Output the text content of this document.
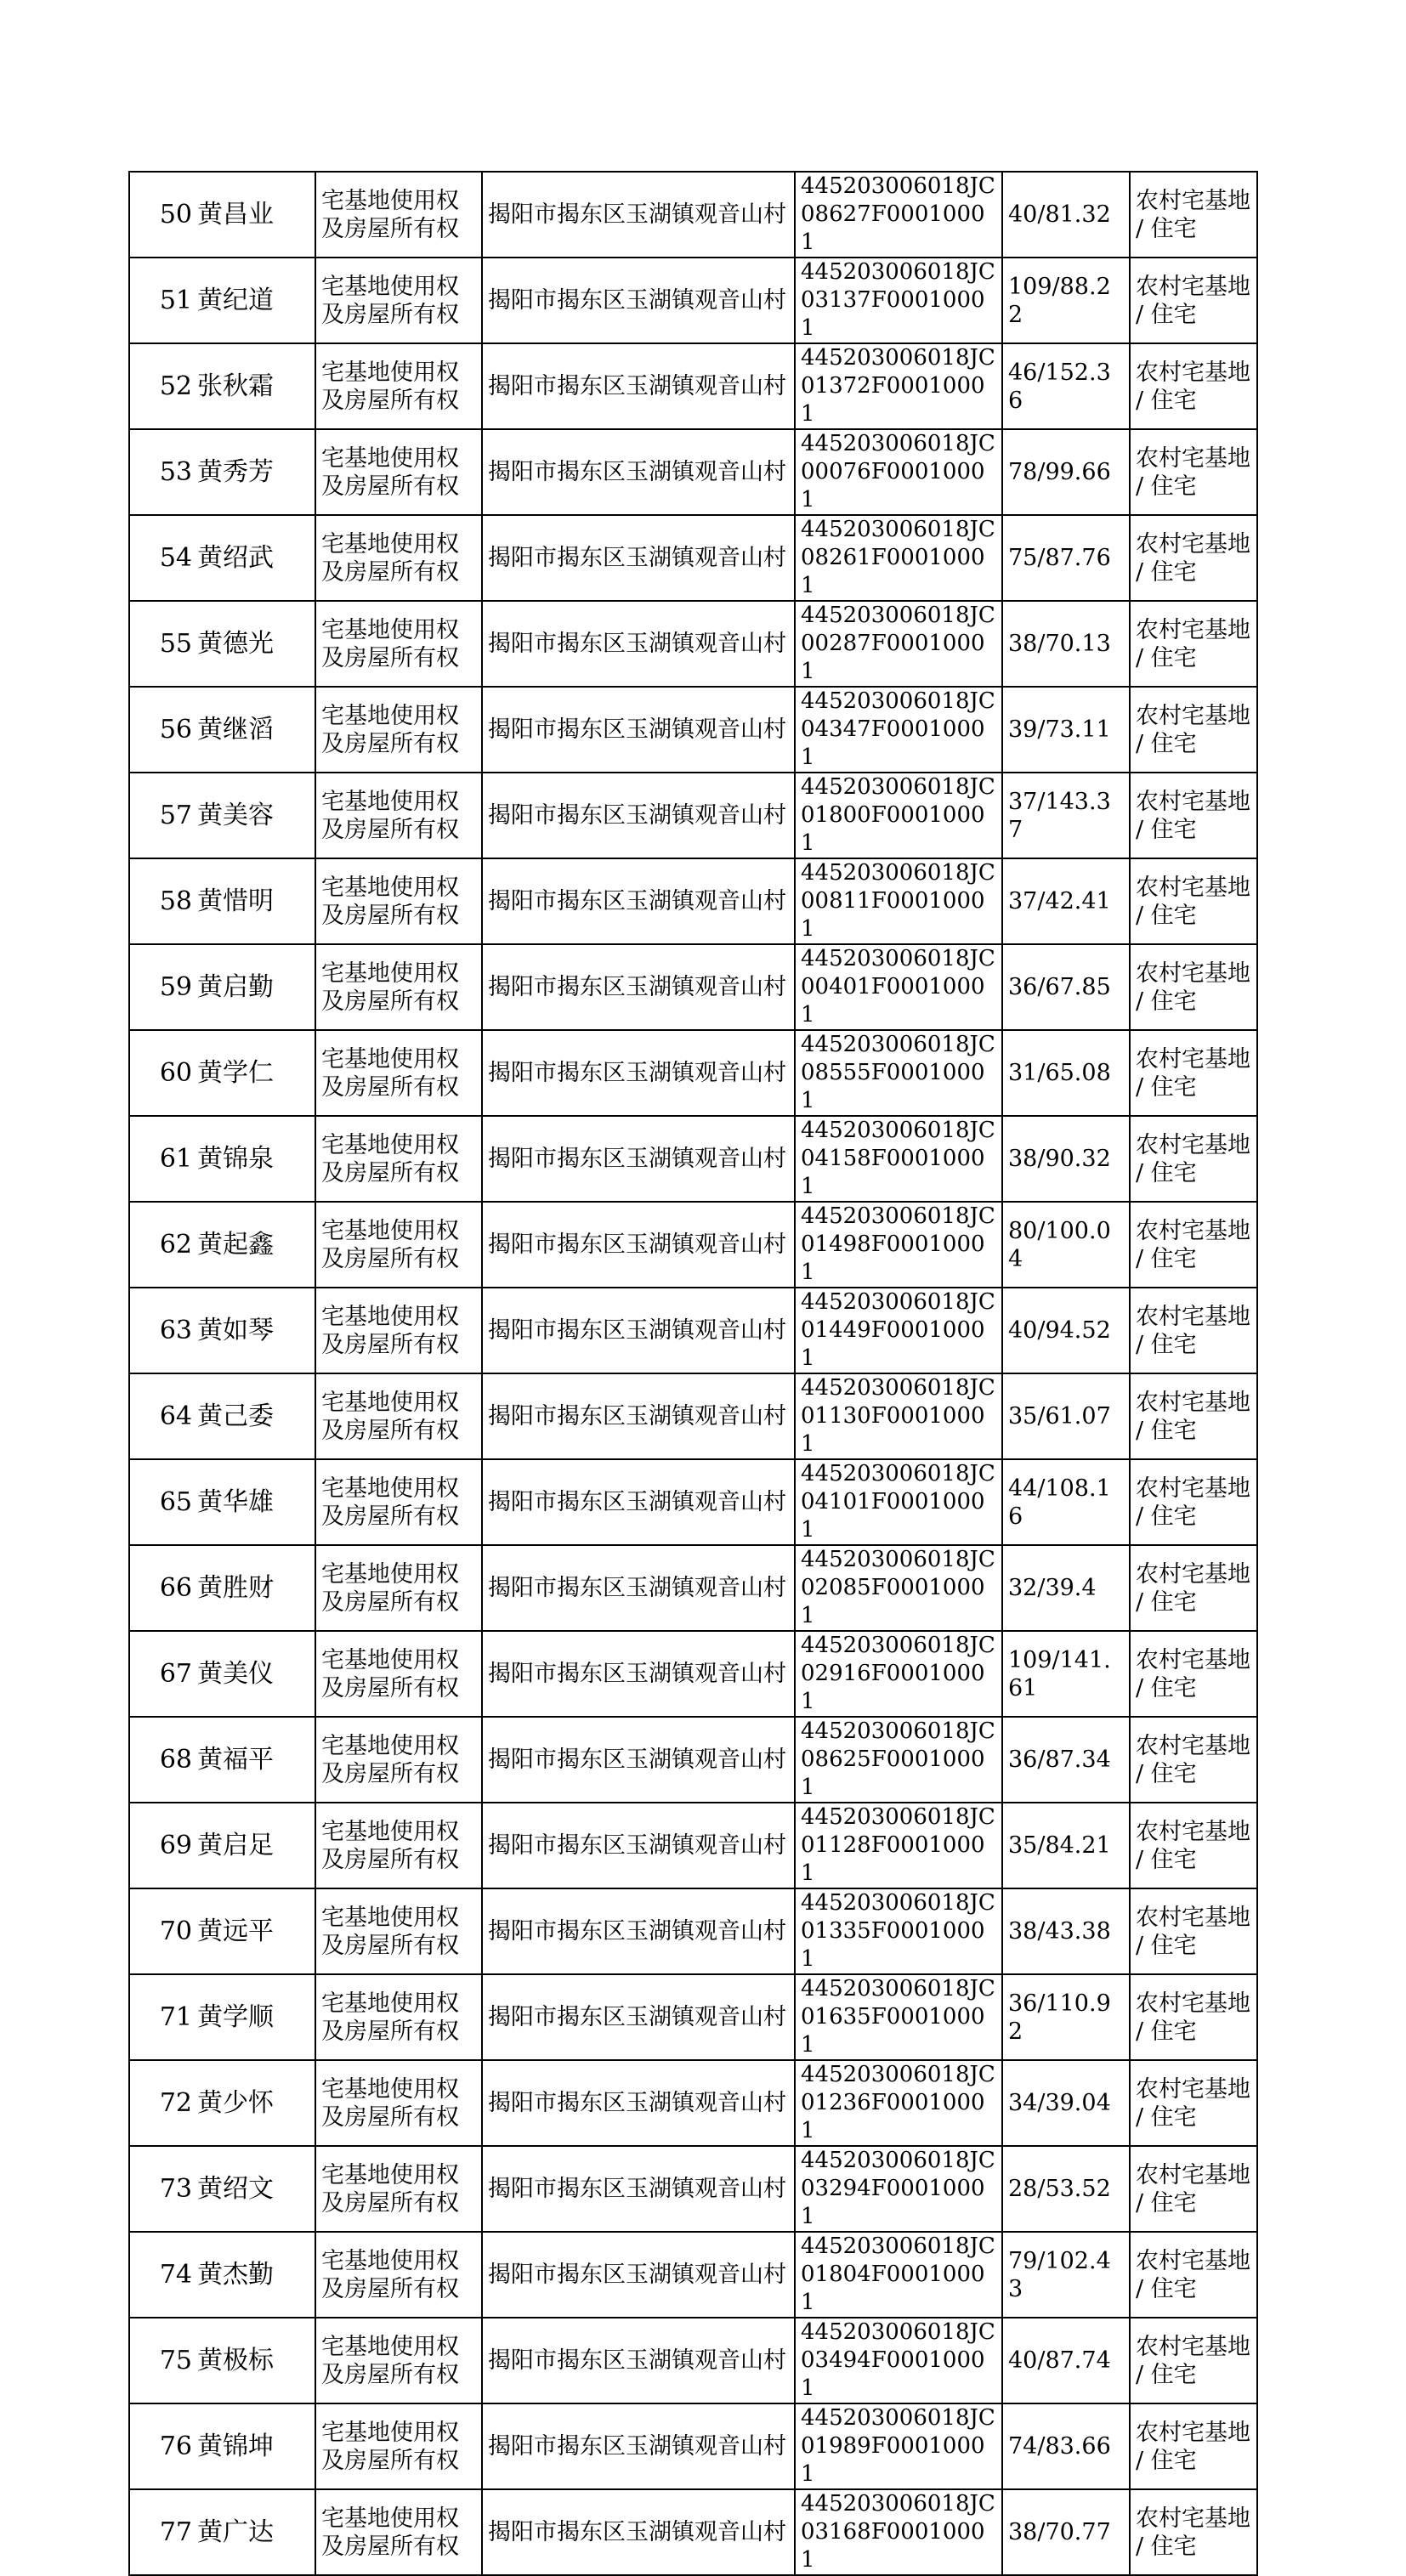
50	黄昌业	宅基地使用权及房屋所有权	揭阳市揭东区玉湖镇观音山村	445203006018JC08627F00010001	40/81.32	农村宅基地 / 住宅
51	黄纪道	宅基地使用权及房屋所有权	揭阳市揭东区玉湖镇观音山村	445203006018JC03137F00010001	109/88.22	农村宅基地 / 住宅
52	张秋霜	宅基地使用权及房屋所有权	揭阳市揭东区玉湖镇观音山村	445203006018JC01372F00010001	46/152.36	农村宅基地 / 住宅
53	黄秀芳	宅基地使用权及房屋所有权	揭阳市揭东区玉湖镇观音山村	445203006018JC00076F00010001	78/99.66	农村宅基地 / 住宅
54	黄绍武	宅基地使用权及房屋所有权	揭阳市揭东区玉湖镇观音山村	445203006018JC08261F00010001	75/87.76	农村宅基地 / 住宅
55	黄德光	宅基地使用权及房屋所有权	揭阳市揭东区玉湖镇观音山村	445203006018JC00287F00010001	38/70.13	农村宅基地 / 住宅
56	黄继滔	宅基地使用权及房屋所有权	揭阳市揭东区玉湖镇观音山村	445203006018JC04347F00010001	39/73.11	农村宅基地 / 住宅
57	黄美容	宅基地使用权及房屋所有权	揭阳市揭东区玉湖镇观音山村	445203006018JC01800F00010001	37/143.37	农村宅基地 / 住宅
58	黄惜明	宅基地使用权及房屋所有权	揭阳市揭东区玉湖镇观音山村	445203006018JC00811F00010001	37/42.41	农村宅基地 / 住宅
59	黄启勤	宅基地使用权及房屋所有权	揭阳市揭东区玉湖镇观音山村	445203006018JC00401F00010001	36/67.85	农村宅基地 / 住宅
60	黄学仁	宅基地使用权及房屋所有权	揭阳市揭东区玉湖镇观音山村	445203006018JC08555F00010001	31/65.08	农村宅基地 / 住宅
61	黄锦泉	宅基地使用权及房屋所有权	揭阳市揭东区玉湖镇观音山村	445203006018JC04158F00010001	38/90.32	农村宅基地 / 住宅
62	黄起鑫	宅基地使用权及房屋所有权	揭阳市揭东区玉湖镇观音山村	445203006018JC01498F00010001	80/100.04	农村宅基地 / 住宅
63	黄如琴	宅基地使用权及房屋所有权	揭阳市揭东区玉湖镇观音山村	445203006018JC01449F00010001	40/94.52	农村宅基地 / 住宅
64	黄己委	宅基地使用权及房屋所有权	揭阳市揭东区玉湖镇观音山村	445203006018JC01130F00010001	35/61.07	农村宅基地 / 住宅
65	黄华雄	宅基地使用权及房屋所有权	揭阳市揭东区玉湖镇观音山村	445203006018JC04101F00010001	44/108.16	农村宅基地 / 住宅
66	黄胜财	宅基地使用权及房屋所有权	揭阳市揭东区玉湖镇观音山村	445203006018JC02085F00010001	32/39.4	农村宅基地 / 住宅
67	黄美仪	宅基地使用权及房屋所有权	揭阳市揭东区玉湖镇观音山村	445203006018JC02916F00010001	109/141.61	农村宅基地 / 住宅
68	黄福平	宅基地使用权及房屋所有权	揭阳市揭东区玉湖镇观音山村	445203006018JC08625F00010001	36/87.34	农村宅基地 / 住宅
69	黄启足	宅基地使用权及房屋所有权	揭阳市揭东区玉湖镇观音山村	445203006018JC01128F00010001	35/84.21	农村宅基地 / 住宅
70	黄远平	宅基地使用权及房屋所有权	揭阳市揭东区玉湖镇观音山村	445203006018JC01335F00010001	38/43.38	农村宅基地 / 住宅
71	黄学顺	宅基地使用权及房屋所有权	揭阳市揭东区玉湖镇观音山村	445203006018JC01635F00010001	36/110.92	农村宅基地 / 住宅
72	黄少怀	宅基地使用权及房屋所有权	揭阳市揭东区玉湖镇观音山村	445203006018JC01236F00010001	34/39.04	农村宅基地 / 住宅
73	黄绍文	宅基地使用权及房屋所有权	揭阳市揭东区玉湖镇观音山村	445203006018JC03294F00010001	28/53.52	农村宅基地 / 住宅
74	黄杰勤	宅基地使用权及房屋所有权	揭阳市揭东区玉湖镇观音山村	445203006018JC01804F00010001	79/102.43	农村宅基地 / 住宅
75	黄极标	宅基地使用权及房屋所有权	揭阳市揭东区玉湖镇观音山村	445203006018JC03494F00010001	40/87.74	农村宅基地 / 住宅
76	黄锦坤	宅基地使用权及房屋所有权	揭阳市揭东区玉湖镇观音山村	445203006018JC01989F00010001	74/83.66	农村宅基地 / 住宅
77	黄广达	宅基地使用权及房屋所有权	揭阳市揭东区玉湖镇观音山村	445203006018JC03168F00010001	38/70.77	农村宅基地 / 住宅
